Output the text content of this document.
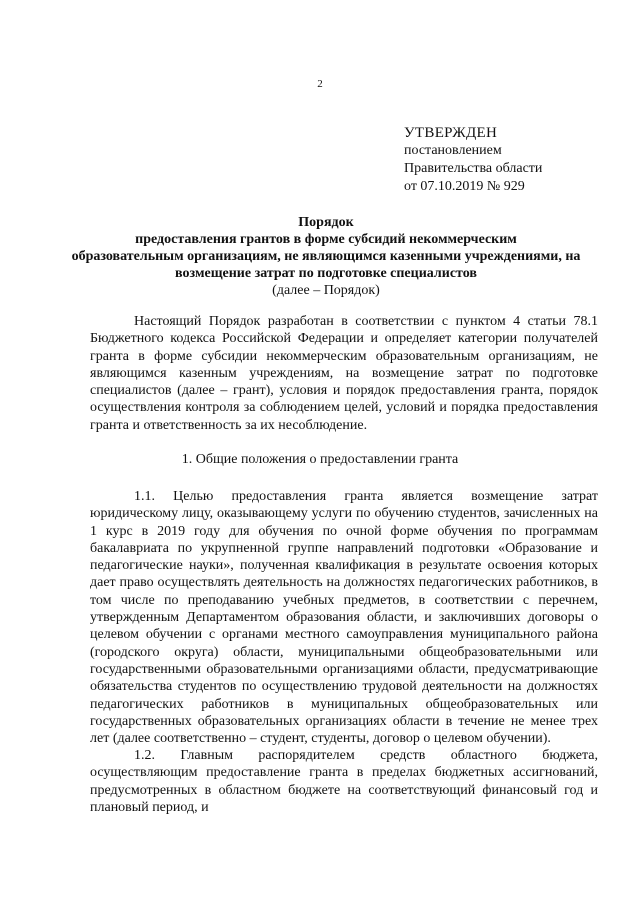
2
УТВЕРЖДЕН
постановлением
Правительства области
от 07.10.2019 № 929
Порядок
предоставления грантов в форме субсидий некоммерческим
образовательным организациям, не являющимся казенными учреждениями, на
возмещение затрат по подготовке специалистов
(далее – Порядок)

Настоящий Порядок разработан в соответствии с пунктом 4 статьи 78.1 Бюджетного кодекса Российской Федерации и определяет категории получателей гранта в форме субсидии некоммерческим образовательным организациям, не являющимся казенным учреждениям, на возмещение затрат по подготовке специалистов (далее – грант), условия и порядок предоставления гранта, порядок осуществления контроля за соблюдением целей, условий и порядка предоставления гранта и ответственность за их несоблюдение.

1. Общие положения о предоставлении гранта

1.1. Целью предоставления гранта является возмещение затрат юридическому лицу, оказывающему услуги по обучению студентов, зачисленных на 1 курс в 2019 году для обучения по очной форме обучения по программам бакалавриата по укрупненной группе направлений подготовки «Образование и педагогические науки», полученная квалификация в результате освоения которых дает право осуществлять деятельность на должностях педагогических работников, в том числе по преподаванию учебных предметов, в соответствии с перечнем, утвержденным Департаментом образования области, и заключивших договоры о целевом обучении с органами местного самоуправления муниципального района (городского округа) области, муниципальными общеобразовательными или государственными образовательными организациями области, предусматривающие обязательства студентов по осуществлению трудовой деятельности на должностях педагогических работников в муниципальных общеобразовательных или государственных образовательных организациях области в течение не менее трех лет (далее соответственно – студент, студенты, договор о целевом обучении).

1.2. Главным распорядителем средств областного бюджета, осуществляющим предоставление гранта в пределах бюджетных ассигнований, предусмотренных в областном бюджете на соответствующий финансовый год и плановый период, и
